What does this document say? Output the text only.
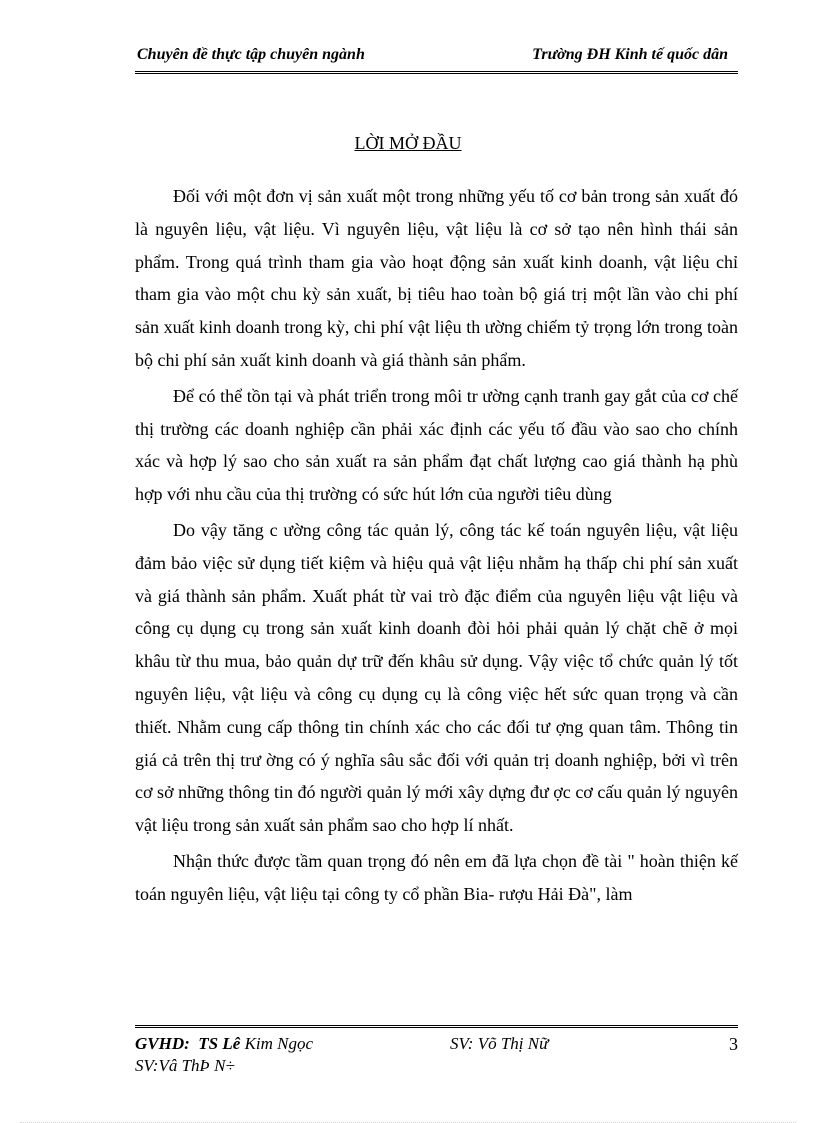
Chuyên đề thực tập chuyên ngành	Trường ĐH Kinh tế quốc dân
LỜI MỞ ĐẦU

Đối với một đơn vị sản xuất một trong những yếu tố cơ bản trong sản xuất đó là nguyên liệu, vật liệu. Vì nguyên liệu, vật liệu là cơ sở tạo nên hình thái sản phẩm. Trong quá trình tham gia vào hoạt động sản xuất kinh doanh, vật liệu chỉ tham gia vào một chu kỳ sản xuất, bị tiêu hao toàn bộ giá trị một lần vào chi phí sản xuất kinh doanh trong kỳ, chi phí vật liệu th ường chiếm tỷ trọng lớn trong toàn bộ chi phí sản xuất kinh doanh và giá thành sản phẩm.

Để có thể tồn tại và phát triển trong môi tr ường cạnh tranh gay gắt của cơ chế thị trường các doanh nghiệp cần phải xác định các yếu tố đầu vào sao cho chính xác và hợp lý sao cho sản xuất ra sản phẩm đạt chất lượng cao giá thành hạ phù hợp với nhu cầu của thị trường có sức hút lớn của người tiêu dùng

Do vậy tăng c ường công tác quản lý, công tác kế toán nguyên liệu, vật liệu đảm bảo việc sử dụng tiết kiệm và hiệu quả vật liệu nhằm hạ thấp chi phí sản xuất và giá thành sản phẩm. Xuất phát từ vai trò đặc điểm của nguyên liệu vật liệu và công cụ dụng cụ trong sản xuất kinh doanh đòi hỏi phải quản lý chặt chẽ ở mọi khâu từ thu mua, bảo quản dự trữ đến khâu sử dụng. Vậy việc tổ chức quản lý tốt nguyên liệu, vật liệu và công cụ dụng cụ là công việc hết sức quan trọng và cần thiết. Nhằm cung cấp thông tin chính xác cho các đối tư ợng quan tâm. Thông tin giá cả trên thị trư ờng có ý nghĩa sâu sắc đối với quản trị doanh nghiệp, bởi vì trên cơ sở những thông tin đó người quản lý mới xây dựng đư ợc cơ cấu quản lý nguyên vật liệu trong sản xuất sản phẩm sao cho hợp lí nhất.

Nhận thức được tầm quan trọng đó nên em đã lựa chọn đề tài " hoàn thiện kế toán nguyên liệu, vật liệu tại công ty cổ phần Bia- rượu Hải Đà", làm

GVHD: TS Lê Kim Ngọc	SV: Võ Thị Nữ	3
SV:Vâ ThÞ N÷
